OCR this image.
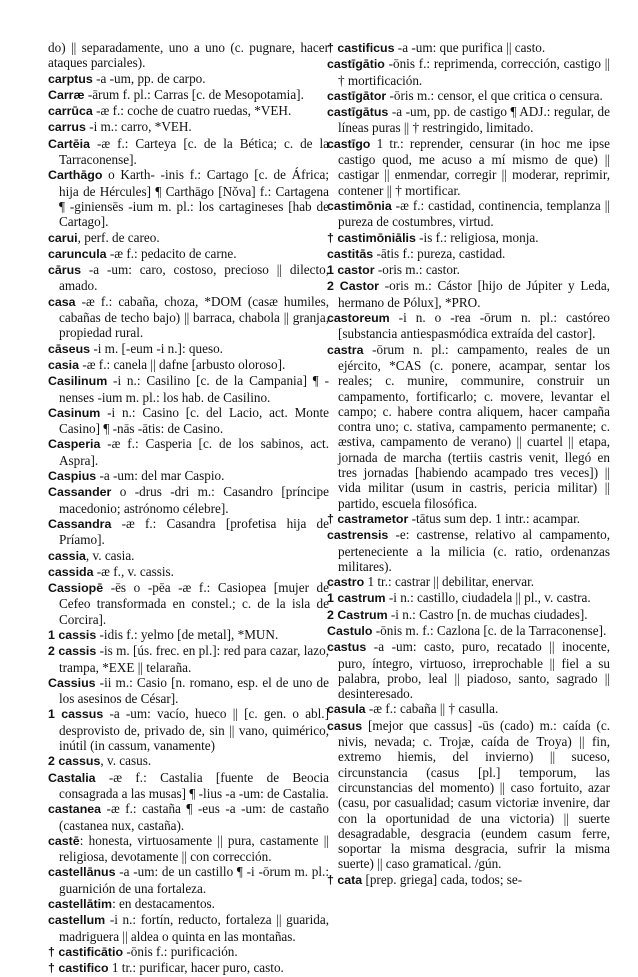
do) || separadamente, uno a uno (c. pugnare, hacer ataques parciales).

carptus -a -um, pp. de carpo.

Carræ -ārum f. pl.: Carras [c. de Mesopotamia].

carrūca -æ f.: coche de cuatro ruedas, *VEH.

carrus -i m.: carro, *VEH.

Cartēia -æ f.: Carteya [c. de la Bética; c. de la Tarraconense].

Carthāgo o Karth- -inis f.: Cartago [c. de África; hija de Hércules] ¶ Carthāgo [Nŏva] f.: Cartagena ¶ -giniensēs -ium m. pl.: los cartagineses [hab de Cartago].

carui, perf. de careo.

caruncula -æ f.: pedacito de carne.

cārus -a -um: caro, costoso, precioso || dilecto, amado.

casa -æ f.: cabaña, choza, *DOM (casæ humiles, cabañas de techo bajo) || barraca, chabola || granja, propiedad rural.

cāseus -i m. [-eum -i n.]: queso.

casia -æ f.: canela || dafne [arbusto oloroso].

Casilinum -i n.: Casilino [c. de la Campania] ¶ -nenses -ium m. pl.: los hab. de Casilino.

Casinum -i n.: Casino [c. del Lacio, act. Monte Casino] ¶ -nās -ātis: de Casino.

Casperia -æ f.: Casperia [c. de los sabinos, act. Aspra].

Caspius -a -um: del mar Caspio.

Cassander o -drus -dri m.: Casandro [príncipe macedonio; astrónomo célebre].

Cassandra -æ f.: Casandra [profetisa hija de Príamo].

cassia, v. casia.

cassida -æ f., v. cassis.

Cassiopē -ēs o -pēa -æ f.: Casiopea [mujer de Cefeo transformada en constel.; c. de la isla de Corcira].

1 cassis -idis f.: yelmo [de metal], *MUN.

2 cassis -is m. [ús. frec. en pl.]: red para cazar, lazo, trampa, *EXE || telaraña.

Cassius -ii m.: Casio [n. romano, esp. el de uno de los asesinos de César].

1 cassus -a -um: vacío, hueco || [c. gen. o abl.] desprovisto de, privado de, sin || vano, quimérico, inútil (in cassum, vanamente)

2 cassus, v. casus.

Castalia -æ f.: Castalia [fuente de Beocia consagrada a las musas] ¶ -lius -a -um: de Castalia.

castanea -æ f.: castaña ¶ -eus -a -um: de castaño (castanea nux, castaña).

castē: honesta, virtuosamente || pura, castamente || religiosa, devotamente || con corrección.

castellānus -a -um: de un castillo ¶ -i -ōrum m. pl.: guarnición de una fortaleza.

castellātim: en destacamentos.

castellum -i n.: fortín, reducto, fortaleza || guarida, madriguera || aldea o quinta en las montañas.

† castificātio -ōnis f.: purificación.

† castifico 1 tr.: purificar, hacer puro, casto.

† castificus -a -um: que purifica || casto.

castīgātio -ōnis f.: reprimenda, corrección, castigo || † mortificación.

castīgātor -ōris m.: censor, el que critica o censura.

castīgātus -a -um, pp. de castigo ¶ ADJ.: regular, de líneas puras || † restringido, limitado.

castīgo 1 tr.: reprender, censurar (in hoc me ipse castigo quod, me acuso a mí mismo de que) || castigar || enmendar, corregir || moderar, reprimir, contener || † mortificar.

castimōnia -æ f.: castidad, continencia, templanza || pureza de costumbres, virtud.

† castimōniālis -is f.: religiosa, monja.

castitās -ātis f.: pureza, castidad.

1 castor -oris m.: castor.

2 Castor -oris m.: Cástor [hijo de Júpiter y Leda, hermano de Pólux], *PRO.

castoreum -i n. o -rea -ōrum n. pl.: castóreo [substancia antiespasmódica extraída del castor].

castra -ōrum n. pl.: campamento, reales de un ejército, *CAS (c. ponere, acampar, sentar los reales; c. munire, communire, construir un campamento, fortificarlo; c. movere, levantar el campo; c. habere contra aliquem, hacer campaña contra uno; c. stativa, campamento permanente; c. æstiva, campamento de verano) || cuartel || etapa, jornada de marcha (tertiis castris venit, llegó en tres jornadas [habiendo acampado tres veces]) || vida militar (usum in castris, pericia militar) || partido, escuela filosófica.

† castrametor -tātus sum dep. 1 intr.: acampar.

castrensis -e: castrense, relativo al campamento, perteneciente a la milicia (c. ratio, ordenanzas militares).

castro 1 tr.: castrar || debilitar, enervar.

1 castrum -i n.: castillo, ciudadela || pl., v. castra.

2 Castrum -i n.: Castro [n. de muchas ciudades].

Castulo -ōnis m. f.: Cazlona [c. de la Tarraconense].

castus -a -um: casto, puro, recatado || inocente, puro, íntegro, virtuoso, irreprochable || fiel a su palabra, probo, leal || piadoso, santo, sagrado || desinteresado.

casula -æ f.: cabaña || † casulla.

casus [mejor que cassus] -ūs (cado) m.: caída (c. nivis, nevada; c. Trojæ, caída de Troya) || fin, extremo hiemis, del invierno) || suceso, circunstancia (casus [pl.] temporum, las circunstancias del momento) || caso fortuito, azar (casu, por casualidad; casum victoriæ invenire, dar con la oportunidad de una victoria) || suerte desagradable, desgracia (eundem casum ferre, soportar la misma desgracia, sufrir la misma suerte) || caso gramatical. /gún.

† cata [prep. griega] cada, todos; se-
